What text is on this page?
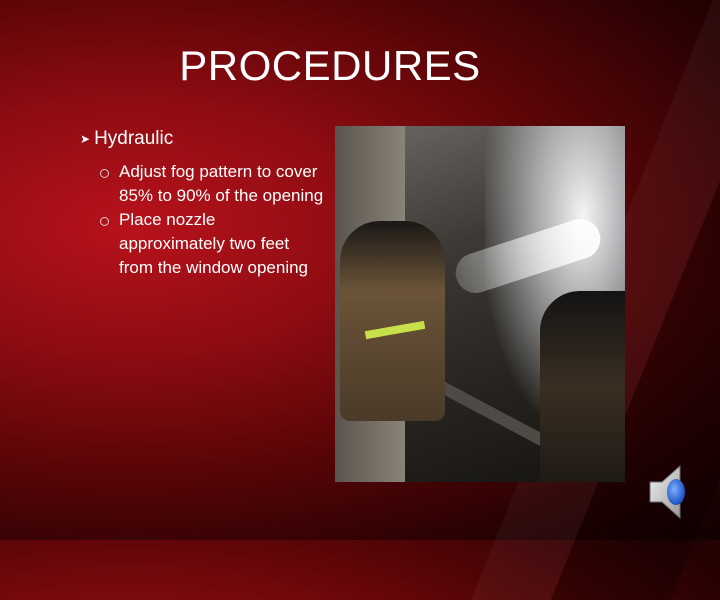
PROCEDURES
➤ Hydraulic
Adjust fog pattern to cover 85% to 90% of the opening
Place nozzle approximately two feet from the window opening
